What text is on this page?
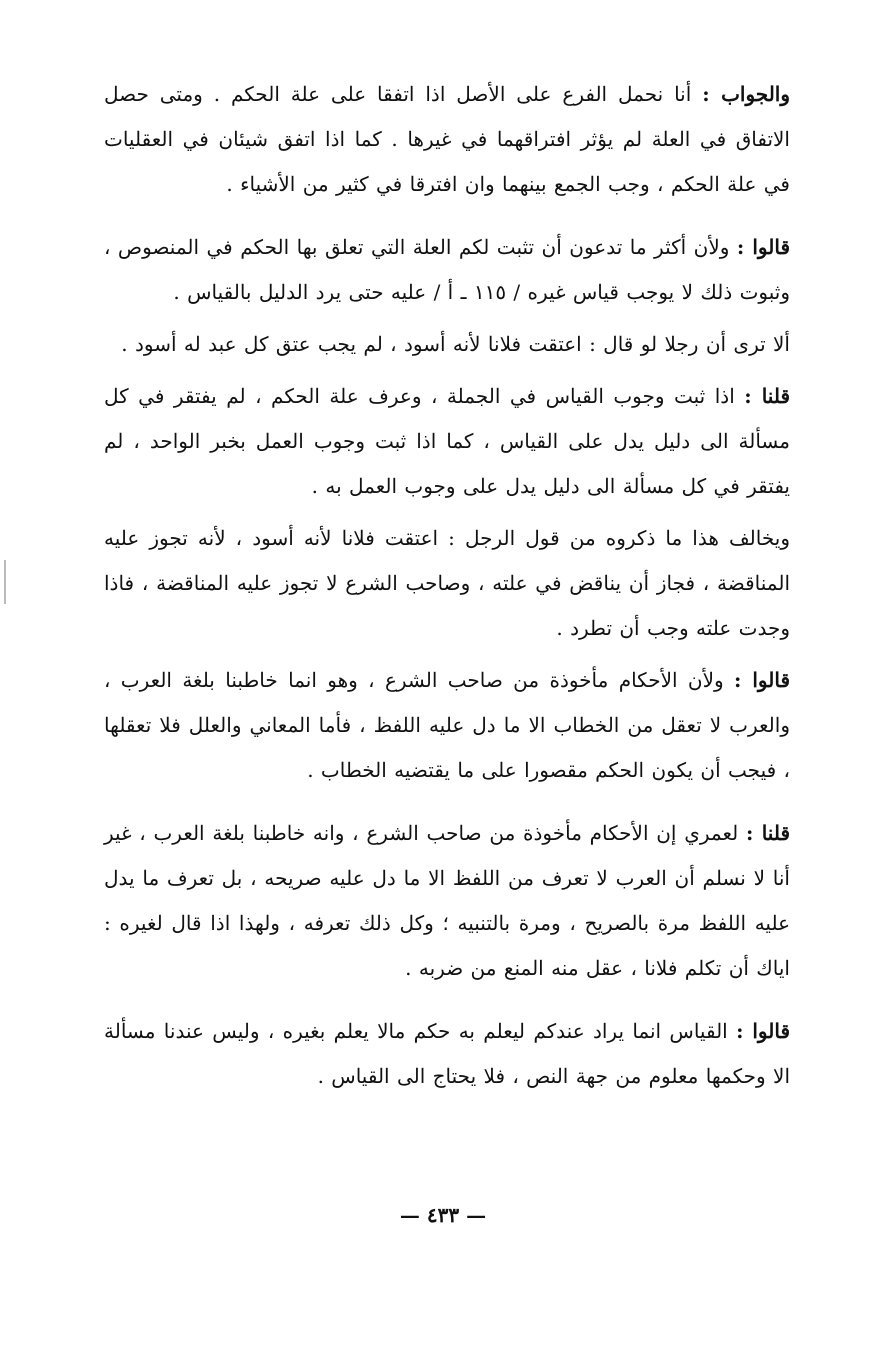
والجواب : أنا نحمل الفرع على الأصل اذا اتفقا على علة الحكم . ومتى حصل الاتفاق في العلة لم يؤثر افتراقهما في غيرها . كما اذا اتفق شيئان في العقليات في علة الحكم ، وجب الجمع بينهما وان افترقا في كثير من الأشياء .

قالوا : ولأن أكثر ما تدعون أن تثبت لكم العلة التي تعلق بها الحكم في المنصوص ، وثبوت ذلك لا يوجب قياس غيره / ١١٥ ـ أ / عليه حتى يرد الدليل بالقياس .

ألا ترى أن رجلا لو قال : اعتقت فلانا لأنه أسود ، لم يجب عتق كل عبد له أسود .

قلنا : اذا ثبت وجوب القياس في الجملة ، وعرف علة الحكم ، لم يفتقر في كل مسألة الى دليل يدل على القياس ، كما اذا ثبت وجوب العمل بخبر الواحد ، لم يفتقر في كل مسألة الى دليل يدل على وجوب العمل به .

ويخالف هذا ما ذكروه من قول الرجل : اعتقت فلانا لأنه أسود ، لأنه تجوز عليه المناقضة ، فجاز أن يناقض في علته ، وصاحب الشرع لا تجوز عليه المناقضة ، فاذا وجدت علته وجب أن تطرد .

قالوا : ولأن الأحكام مأخوذة من صاحب الشرع ، وهو انما خاطبنا بلغة العرب ، والعرب لا تعقل من الخطاب الا ما دل عليه اللفظ ، فأما المعاني والعلل فلا تعقلها ، فيجب أن يكون الحكم مقصورا على ما يقتضيه الخطاب .

قلنا : لعمري إن الأحكام مأخوذة من صاحب الشرع ، وانه خاطبنا بلغة العرب ، غير أنا لا نسلم أن العرب لا تعرف من اللفظ الا ما دل عليه صريحه ، بل تعرف ما يدل عليه اللفظ مرة بالصريح ، ومرة بالتنبيه ؛ وكل ذلك تعرفه ، ولهذا اذا قال لغيره : اياك أن تكلم فلانا ، عقل منه المنع من ضربه .

قالوا : القياس انما يراد عندكم ليعلم به حكم مالا يعلم بغيره ، وليس عندنا مسألة الا وحكمها معلوم من جهة النص ، فلا يحتاج الى القياس .

— ٤٣٣ —
